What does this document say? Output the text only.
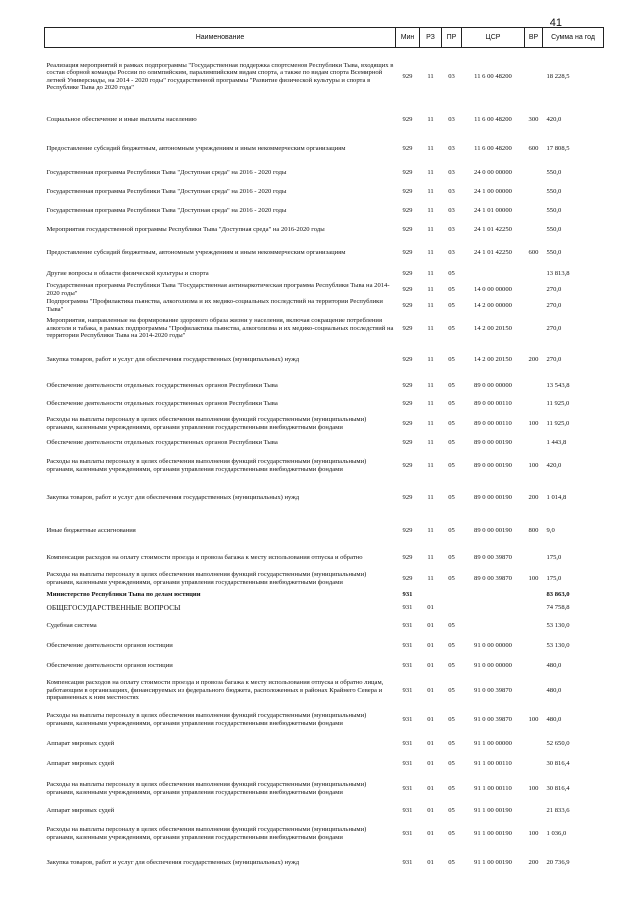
41
Наименование	Мин	РЗ	ПР	ЦСР	ВР	Сумма на год
Реализация мероприятий в рамках подпрограммы "Государственная поддержка спортсменов Республики Тыва, входящих в состав сборной команды России по олимпийским, паралимпийским видам спорта, а также по видам спорта Всемирной летней Универсиады, на 2014 - 2020 годы" государственной программы "Развитие физической культуры и спорта в Республике Тыва до 2020 года"	929	11	03	11 6 00 48200		18 228,5
Социальное обеспечение и иные выплаты населению	929	11	03	11 6 00 48200	300	420,0
Предоставление субсидий бюджетным, автономным учреждениям и иным некоммерческим организациям	929	11	03	11 6 00 48200	600	17 808,5
Государственная программа Республики Тыва "Доступная среда" на 2016 - 2020 годы	929	11	03	24 0 00 00000		550,0
Государственная программа Республики Тыва "Доступная среда" на 2016 - 2020 годы	929	11	03	24 1 00 00000		550,0
Государственная программа Республики Тыва "Доступная среда" на 2016 - 2020 годы	929	11	03	24 1 01 00000		550,0
Мероприятия государственной программы Республики Тыва "Доступная среда" на 2016-2020 годы	929	11	03	24 1 01 42250		550,0
Предоставление субсидий бюджетным, автономным учреждениям и иным некоммерческим организациям	929	11	03	24 1 01 42250	600	550,0
Другие вопросы в области физической культуры и спорта	929	11	05			13 813,8
Государственная программа Республики Тыва "Государственная антинаркотическая программа Республики Тыва на 2014-2020 годы"	929	11	05	14 0 00 00000		270,0
Подпрограмма "Профилактика пьянства, алкоголизма и их медико-социальных последствий на территории Республики Тыва"	929	11	05	14 2 00 00000		270,0
Мероприятия, направленные на формирование здорового образа жизни у населения, включая сокращение потребления алкоголя и табака, в рамках подпрограммы "Профилактика пьянства, алкоголизма и их медико-социальных последствий на территории Республики Тыва на 2014-2020 годы"	929	11	05	14 2 00 20150		270,0
Закупка товаров, работ и услуг для обеспечения государственных (муниципальных) нужд	929	11	05	14 2 00 20150	200	270,0
Обеспечение деятельности отдельных государственных органов Республики Тыва	929	11	05	89 0 00 00000		13 543,8
Обеспечение деятельности отдельных государственных органов Республики Тыва	929	11	05	89 0 00 00110		11 925,0
Расходы на выплаты персоналу в целях обеспечения выполнения функций государственными (муниципальными) органами, казенными учреждениями, органами управления государственными внебюджетными фондами	929	11	05	89 0 00 00110	100	11 925,0
Обеспечение деятельности отдельных государственных органов Республики Тыва	929	11	05	89 0 00 00190		1 443,8
Расходы на выплаты персоналу в целях обеспечения выполнения функций государственными (муниципальными) органами, казенными учреждениями, органами управления государственными внебюджетными фондами	929	11	05	89 0 00 00190	100	420,0
Закупка товаров, работ и услуг для обеспечения государственных (муниципальных) нужд	929	11	05	89 0 00 00190	200	1 014,8
Иные бюджетные ассигнования	929	11	05	89 0 00 00190	800	9,0
Компенсация расходов на оплату стоимости проезда и провоза багажа к месту использования отпуска и обратно	929	11	05	89 0 00 39870		175,0
Расходы на выплаты персоналу в целях обеспечения выполнения функций государственными (муниципальными) органами, казенными учреждениями, органами управления государственными внебюджетными фондами	929	11	05	89 0 00 39870	100	175,0
Министерство Республики Тыва по делам юстиции	931					83 863,0
ОБЩЕГОСУДАРСТВЕННЫЕ ВОПРОСЫ	931	01				74 758,8
Судебная система	931	01	05			53 130,0
Обеспечение деятельности органов юстиции	931	01	05	91 0 00 00000		53 130,0
Обеспечение деятельности органов юстиции	931	01	05	91 0 00 00000		480,0
Компенсация расходов на оплату стоимости проезда и провоза багажа к месту использования отпуска и обратно лицам, работающим в организациях, финансируемых из федерального бюджета, расположенных в районах Крайнего Севера и приравненных к ним местностях	931	01	05	91 0 00 39870		480,0
Расходы на выплаты персоналу в целях обеспечения выполнения функций государственными (муниципальными) органами, казенными учреждениями, органами управления государственными внебюджетными фондами	931	01	05	91 0 00 39870	100	480,0
Аппарат мировых судей	931	01	05	91 1 00 00000		52 650,0
Аппарат мировых судей	931	01	05	91 1 00 00110		30 816,4
Расходы на выплаты персоналу в целях обеспечения выполнения функций государственными (муниципальными) органами, казенными учреждениями, органами управления государственными внебюджетными фондами	931	01	05	91 1 00 00110	100	30 816,4
Аппарат мировых судей	931	01	05	91 1 00 00190		21 833,6
Расходы на выплаты персоналу в целях обеспечения выполнения функций государственными (муниципальными) органами, казенными учреждениями, органами управления государственными внебюджетными фондами	931	01	05	91 1 00 00190	100	1 036,0
Закупка товаров, работ и услуг для обеспечения государственных (муниципальных) нужд	931	01	05	91 1 00 00190	200	20 736,9
